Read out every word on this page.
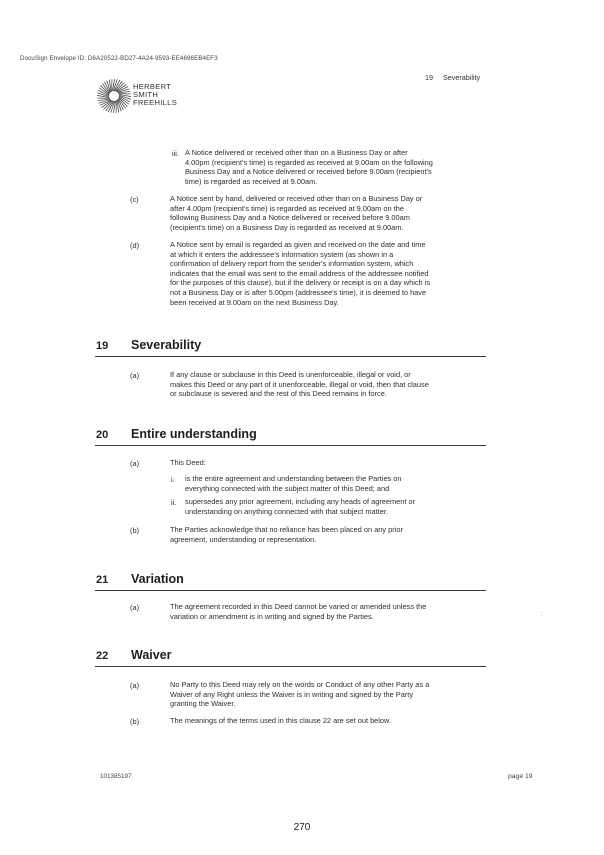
DocuSign Envelope ID: D6A20522-BD27-4A24-9593-EE4696EB4EF3
HERBERT
SMITH
FREEHILLS
19 Severability
iii. A Notice delivered or received other than on a Business Day or after
4.00pm (recipient's time) is regarded as received at 9.00am on the following
Business Day and a Notice delivered or received before 9.00am (recipient's
time) is regarded as received at 9.00am.
(c)	A Notice sent by hand, delivered or received other than on a Business Day or
after 4.00pm (recipient's time) is regarded as received at 9.00am on the
following Business Day and a Notice delivered or received before 9.00am
(recipient's time) on a Business Day is regarded as received at 9.00am.
(d)	A Notice sent by email is regarded as given and received on the date and time
at which it enters the addressee's information system (as shown in a
confirmation of delivery report from the sender's information system, which
indicates that the email was sent to the email address of the addressee notified
for the purposes of this clause), but if the delivery or receipt is on a day which is
not a Business Day or is after 5.00pm (addressee's time), it is deemed to have
been received at 9.00am on the next Business Day.
19 Severability
(a)	If any clause or subclause in this Deed is unenforceable, illegal or void, or
makes this Deed or any part of it unenforceable, illegal or void, then that clause
or subclause is severed and the rest of this Deed remains in force.
20 Entire understanding
(a)	This Deed:
i. is the entire agreement and understanding between the Parties on
everything connected with the subject matter of this Deed; and
ii. supersedes any prior agreement, including any heads of agreement or
understanding on anything connected with that subject matter.
(b)	The Parties acknowledge that no reliance has been placed on any prior
agreement, understanding or representation.
21 Variation
(a)	The agreement recorded in this Deed cannot be varied or amended unless the
variation or amendment is in writing and signed by the Parties.	:
22 Waiver
(a)	No Party to this Deed may rely on the words or Conduct of any other Party as a
Waiver of any Right unless the Waiver is in writing and signed by the Party
granting the Waiver.
(b)	The meanings of the terms used in this clause 22 are set out below.
101385197	page 19
270
